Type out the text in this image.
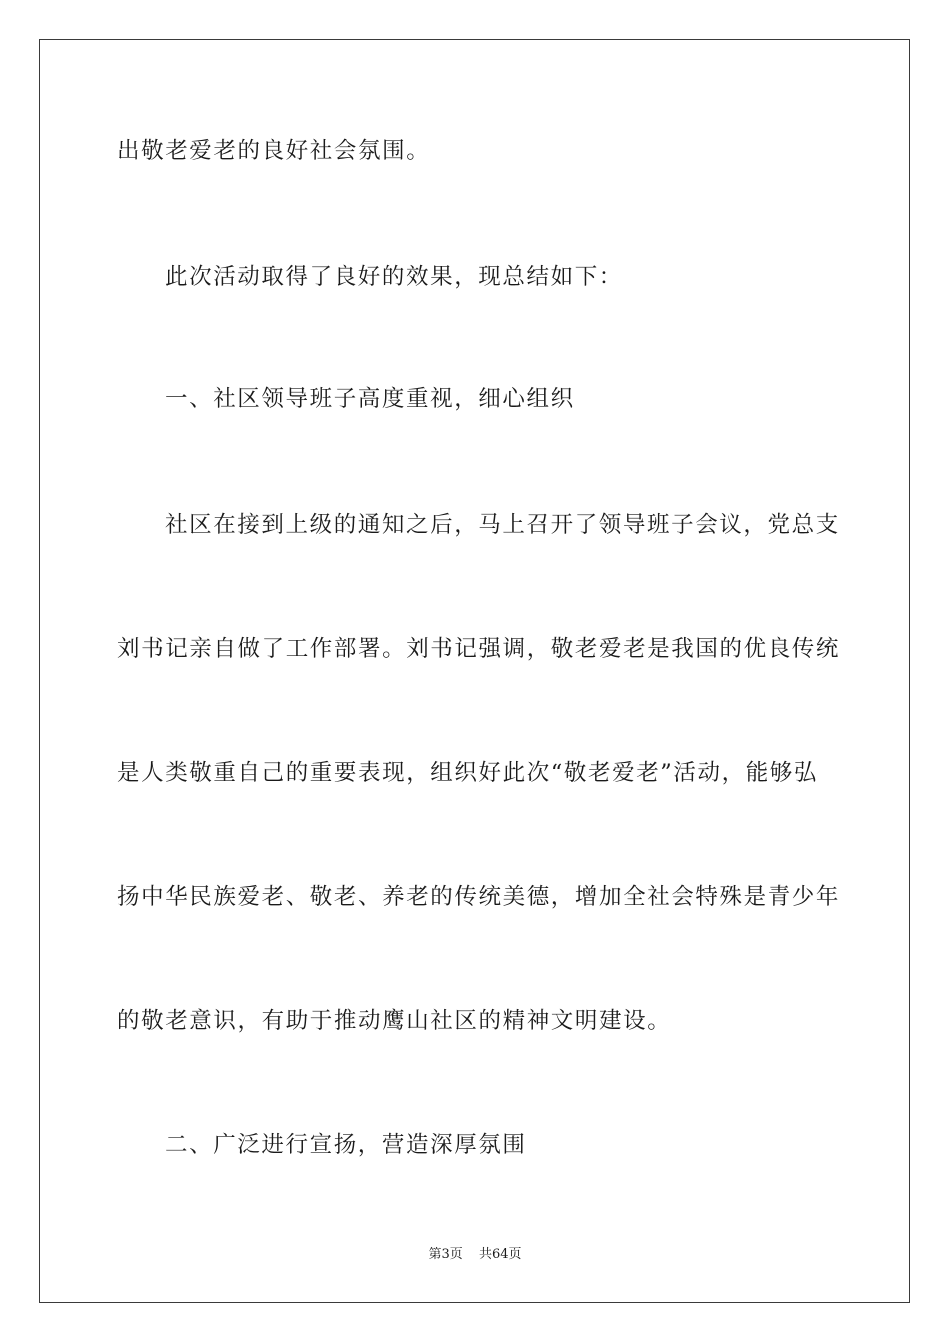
出敬老爱老的良好社会氛围。
此次活动取得了良好的效果，现总结如下：
一、社区领导班子高度重视，细心组织
社区在接到上级的通知之后，马上召开了领导班子会议，党总支
刘书记亲自做了工作部署。刘书记强调，敬老爱老是我国的优良传统
是人类敬重自己的重要表现，组织好此次“敬老爱老”活动，能够弘
扬中华民族爱老、敬老、养老的传统美德，增加全社会特殊是青少年
的敬老意识，有助于推动鹰山社区的精神文明建设。
二、广泛进行宣扬，营造深厚氛围
第3页 共64页
